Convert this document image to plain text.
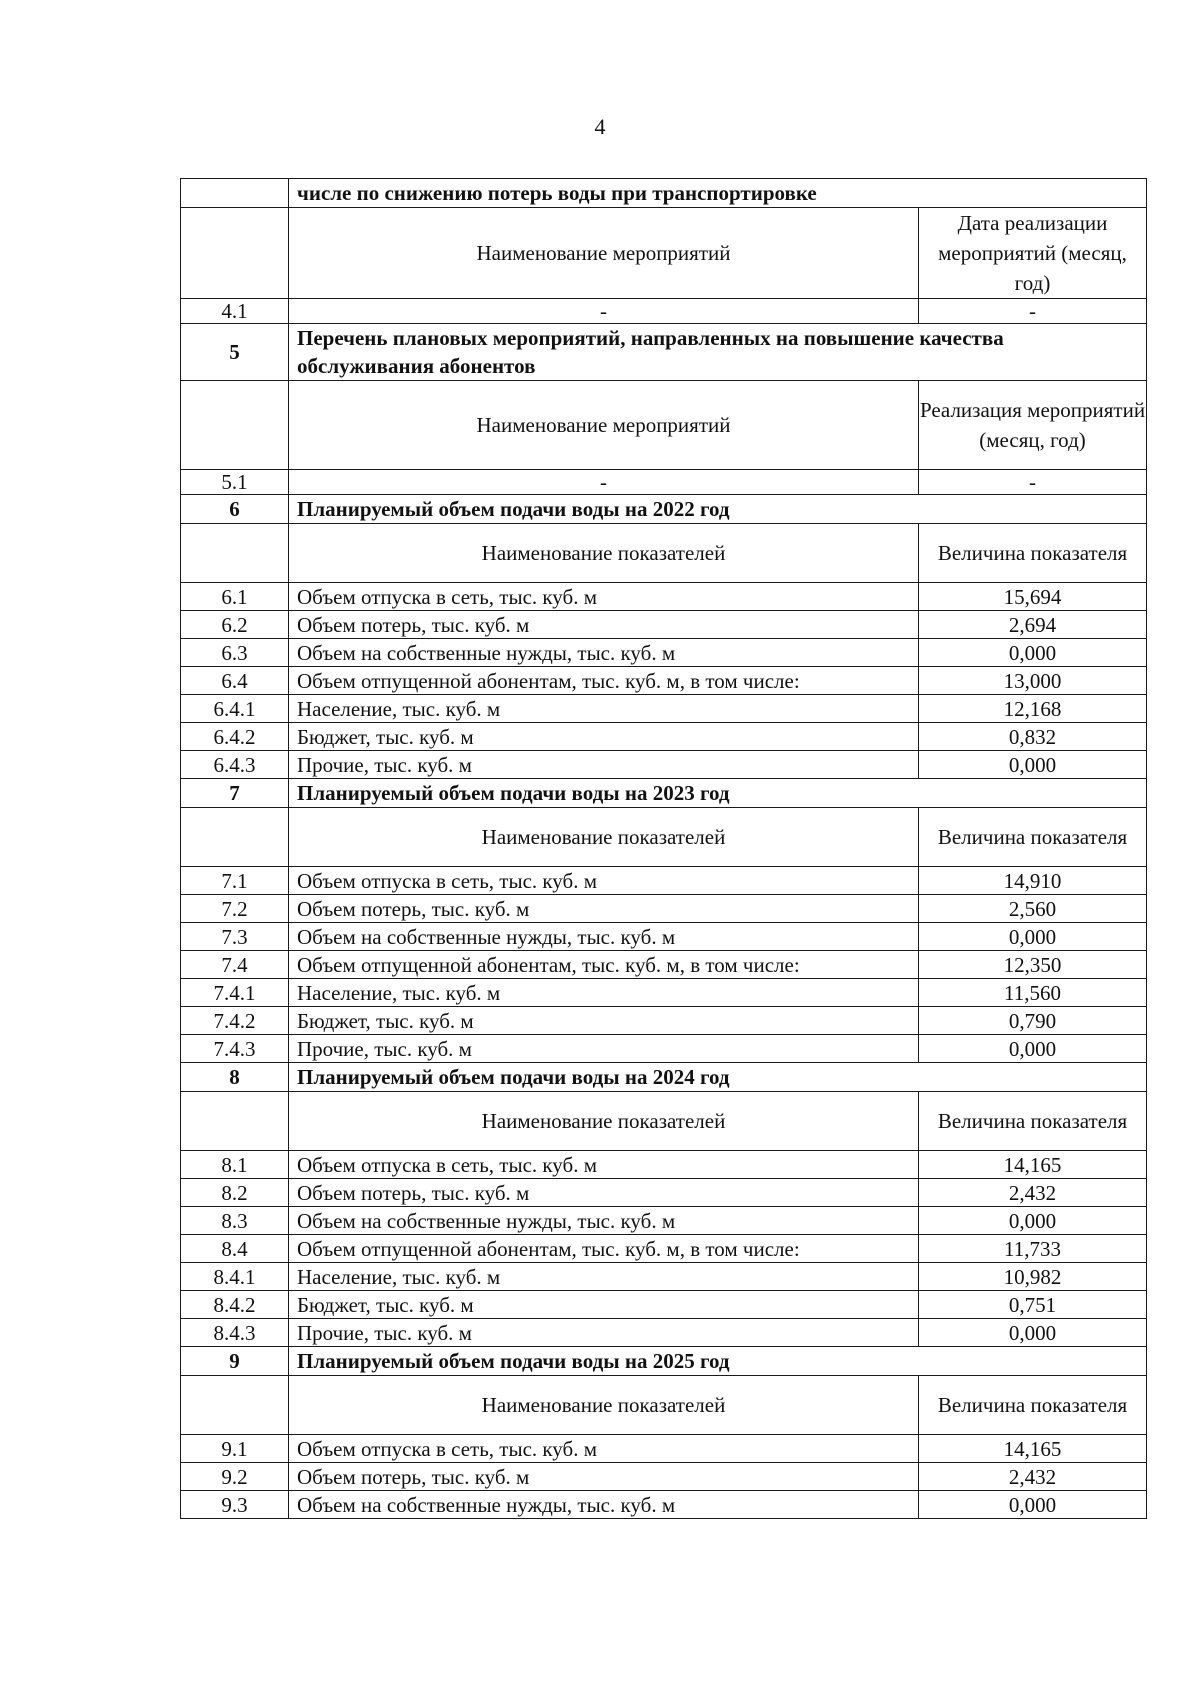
4
	числе по снижению потерь воды при транспортировке	
	Наименование мероприятий	Дата реализации мероприятий (месяц, год)
4.1	-	-
5	Перечень плановых мероприятий, направленных на повышение качества обслуживания абонентов	
	Наименование мероприятий	Реализация мероприятий (месяц, год)
5.1	-	-
6	Планируемый объем подачи воды на 2022 год	
	Наименование показателей	Величина показателя
6.1	Объем отпуска в сеть, тыс. куб. м	15,694
6.2	Объем потерь, тыс. куб. м	2,694
6.3	Объем на собственные нужды, тыс. куб. м	0,000
6.4	Объем отпущенной абонентам, тыс. куб. м, в том числе:	13,000
6.4.1	Население, тыс. куб. м	12,168
6.4.2	Бюджет, тыс. куб. м	0,832
6.4.3	Прочие, тыс. куб. м	0,000
7	Планируемый объем подачи воды на 2023 год	
	Наименование показателей	Величина показателя
7.1	Объем отпуска в сеть, тыс. куб. м	14,910
7.2	Объем потерь, тыс. куб. м	2,560
7.3	Объем на собственные нужды, тыс. куб. м	0,000
7.4	Объем отпущенной абонентам, тыс. куб. м, в том числе:	12,350
7.4.1	Население, тыс. куб. м	11,560
7.4.2	Бюджет, тыс. куб. м	0,790
7.4.3	Прочие, тыс. куб. м	0,000
8	Планируемый объем подачи воды на 2024 год	
	Наименование показателей	Величина показателя
8.1	Объем отпуска в сеть, тыс. куб. м	14,165
8.2	Объем потерь, тыс. куб. м	2,432
8.3	Объем на собственные нужды, тыс. куб. м	0,000
8.4	Объем отпущенной абонентам, тыс. куб. м, в том числе:	11,733
8.4.1	Население, тыс. куб. м	10,982
8.4.2	Бюджет, тыс. куб. м	0,751
8.4.3	Прочие, тыс. куб. м	0,000
9	Планируемый объем подачи воды на 2025 год	
	Наименование показателей	Величина показателя
9.1	Объем отпуска в сеть, тыс. куб. м	14,165
9.2	Объем потерь, тыс. куб. м	2,432
9.3	Объем на собственные нужды, тыс. куб. м	0,000
